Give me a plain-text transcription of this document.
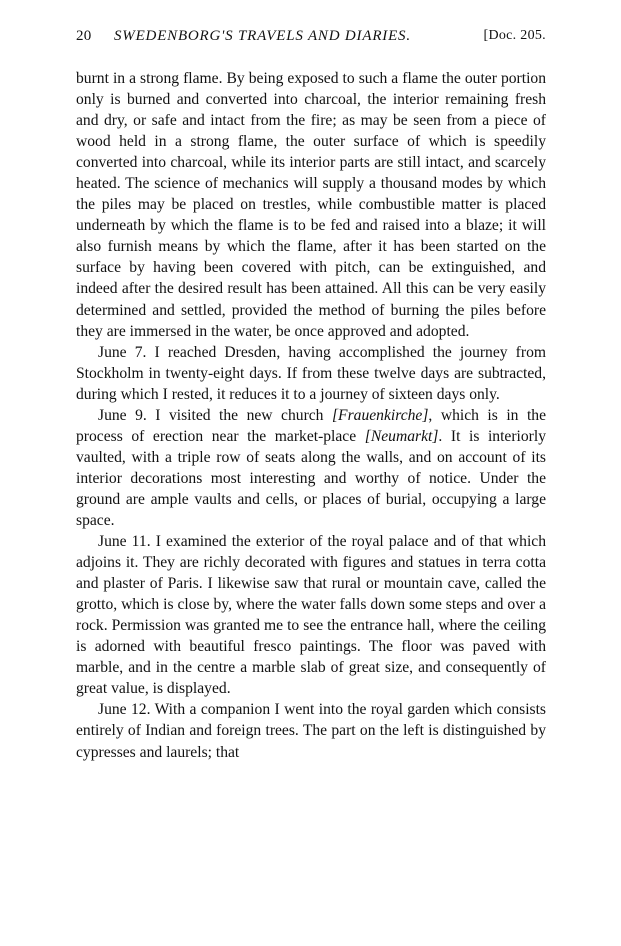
20 SWEDENBORG'S TRAVELS AND DIARIES.	[Doc. 205.

burnt in a strong flame. By being exposed to such a flame the outer portion only is burned and converted into charcoal, the interior remaining fresh and dry, or safe and intact from the fire; as may be seen from a piece of wood held in a strong flame, the outer surface of which is speedily converted into charcoal, while its interior parts are still intact, and scarcely heated. The science of mechanics will supply a thousand modes by which the piles may be placed on trestles, while combustible matter is placed underneath by which the flame is to be fed and raised into a blaze; it will also furnish means by which the flame, after it has been started on the surface by having been covered with pitch, can be extinguished, and indeed after the desired result has been attained. All this can be very easily determined and settled, provided the method of burning the piles before they are immersed in the water, be once approved and adopted.

June 7. I reached Dresden, having accomplished the journey from Stockholm in twenty-eight days. If from these twelve days are subtracted, during which I rested, it reduces it to a journey of sixteen days only.

June 9. I visited the new church [Frauenkirche], which is in the process of erection near the market-place [Neumarkt]. It is interiorly vaulted, with a triple row of seats along the walls, and on account of its interior decorations most interesting and worthy of notice. Under the ground are ample vaults and cells, or places of burial, occupying a large space.

June 11. I examined the exterior of the royal palace and of that which adjoins it. They are richly decorated with figures and statues in terra cotta and plaster of Paris. I likewise saw that rural or mountain cave, called the grotto, which is close by, where the water falls down some steps and over a rock. Permission was granted me to see the entrance hall, where the ceiling is adorned with beautiful fresco paintings. The floor was paved with marble, and in the centre a marble slab of great size, and consequently of great value, is displayed.

June 12. With a companion I went into the royal garden which consists entirely of Indian and foreign trees. The part on the left is distinguished by cypresses and laurels; that
